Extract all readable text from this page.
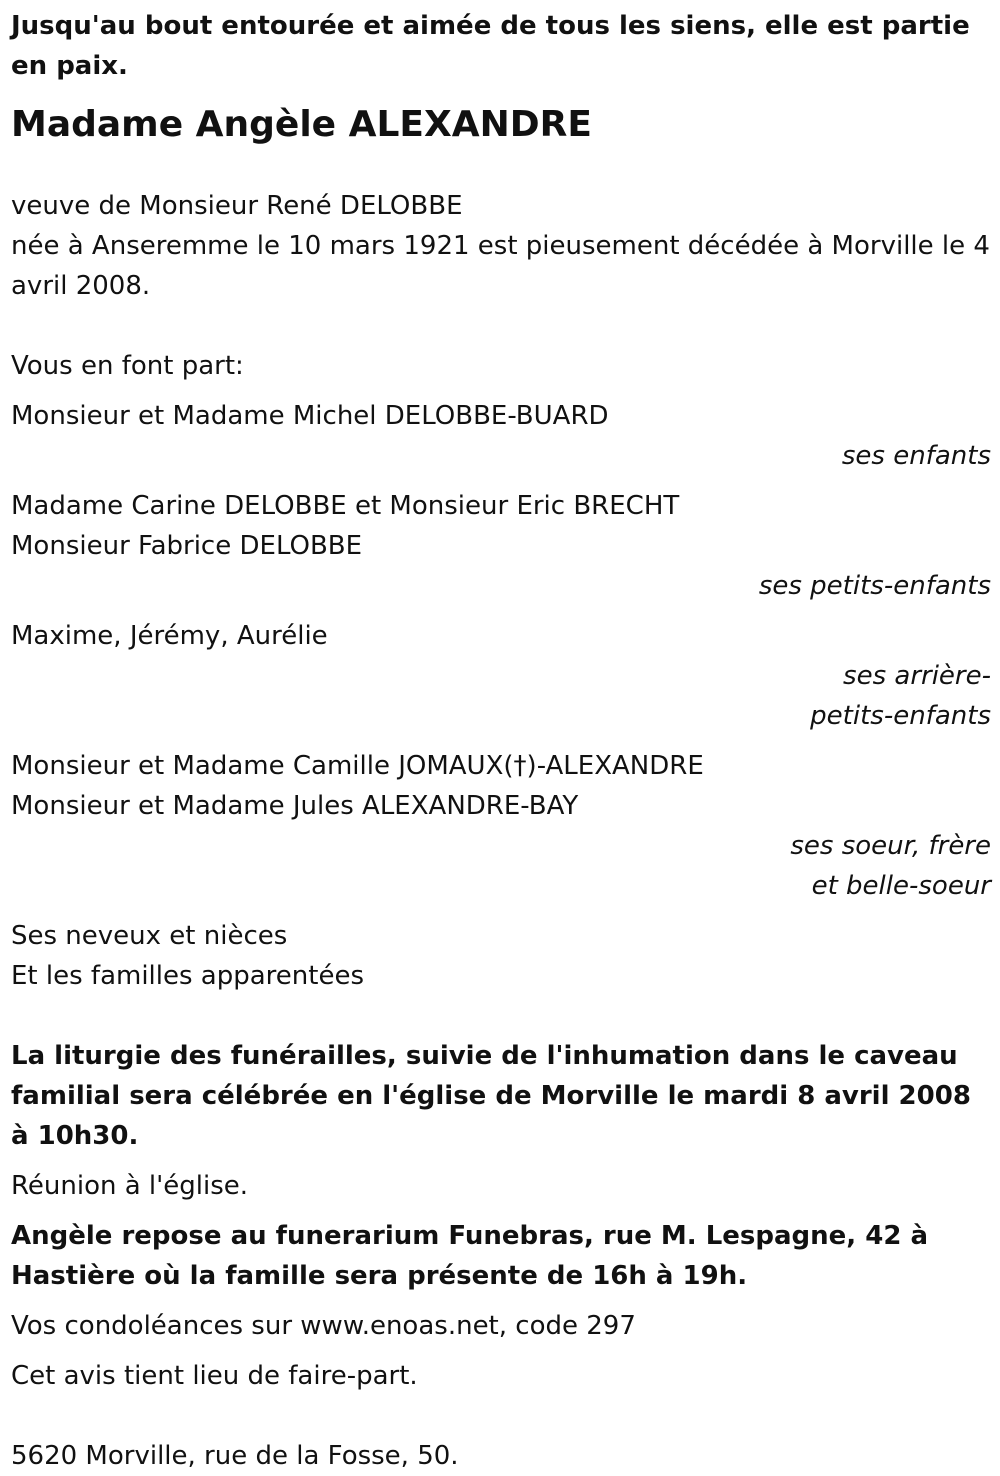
Jusqu'au bout entourée et aimée de tous les siens, elle est partie en paix.

Madame Angèle ALEXANDRE

veuve de Monsieur René DELOBBE

née à Anseremme le 10 mars 1921 est pieusement décédée à Morville le 4 avril 2008.

Vous en font part:

Monsieur et Madame Michel DELOBBE-BUARD

ses enfants

Madame Carine DELOBBE et Monsieur Eric BRECHT

Monsieur Fabrice DELOBBE

ses petits-enfants

Maxime, Jérémy, Aurélie

ses arrière-petits-enfants

Monsieur et Madame Camille JOMAUX(†)-ALEXANDRE

Monsieur et Madame Jules ALEXANDRE-BAY

ses soeur, frère et belle-soeur

Ses neveux et nièces

Et les familles apparentées

La liturgie des funérailles, suivie de l'inhumation dans le caveau familial sera célébrée en l'église de Morville le mardi 8 avril 2008 à 10h30.

Réunion à l'église.

Angèle repose au funerarium Funebras, rue M. Lespagne, 42 à Hastière où la famille sera présente de 16h à 19h.

Vos condoléances sur www.enoas.net, code 297

Cet avis tient lieu de faire-part.

5620 Morville, rue de la Fosse, 50.
